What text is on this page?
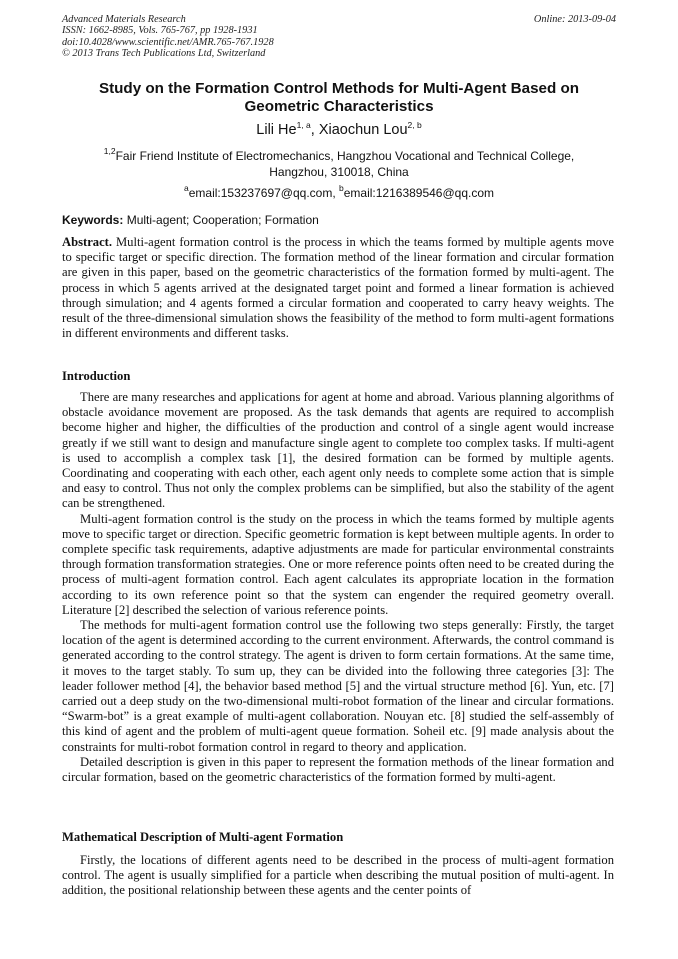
Advanced Materials Research
ISSN: 1662-8985, Vols. 765-767, pp 1928-1931
doi:10.4028/www.scientific.net/AMR.765-767.1928
© 2013 Trans Tech Publications Ltd, Switzerland
Online: 2013-09-04
Study on the Formation Control Methods for Multi-Agent Based on Geometric Characteristics
Lili He$^{1, a}$, Xiaochun Lou$^{2, b}$
$^{1,2}$Fair Friend Institute of Electromechanics, Hangzhou Vocational and Technical College, Hangzhou, 310018, China
$^a$email:153237697@qq.com, $^b$email:1216389546@qq.com
Keywords: Multi-agent; Cooperation; Formation

Abstract. Multi-agent formation control is the process in which the teams formed by multiple agents move to specific target or specific direction. The formation method of the linear formation and circular formation are given in this paper, based on the geometric characteristics of the formation formed by multi-agent. The process in which 5 agents arrived at the designated target point and formed a linear formation is achieved through simulation; and 4 agents formed a circular formation and cooperated to carry heavy weights. The result of the three-dimensional simulation shows the feasibility of the method to form multi-agent formations in different environments and different tasks.

Introduction

There are many researches and applications for agent at home and abroad. Various planning algorithms of obstacle avoidance movement are proposed. As the task demands that agents are required to accomplish become higher and higher, the difficulties of the production and control of a single agent would increase greatly if we still want to design and manufacture single agent to complete too complex tasks. If multi-agent is used to accomplish a complex task [1], the desired formation can be formed by multiple agents. Coordinating and cooperating with each other, each agent only needs to complete some action that is simple and easy to control. Thus not only the complex problems can be simplified, but also the stability of the agent can be strengthened.

Multi-agent formation control is the study on the process in which the teams formed by multiple agents move to specific target or direction. Specific geometric formation is kept between multiple agents. In order to complete specific task requirements, adaptive adjustments are made for particular environmental constraints through formation transformation strategies. One or more reference points often need to be created during the process of multi-agent formation control. Each agent calculates its appropriate location in the formation according to its own reference point so that the system can engender the required geometry overall. Literature [2] described the selection of various reference points.

The methods for multi-agent formation control use the following two steps generally: Firstly, the target location of the agent is determined according to the current environment. Afterwards, the control command is generated according to the control strategy. The agent is driven to form certain formations. At the same time, it moves to the target stably. To sum up, they can be divided into the following three categories [3]: The leader follower method [4], the behavior based method [5] and the virtual structure method [6]. Yun, etc. [7] carried out a deep study on the two-dimensional multi-robot formation of the linear and circular formations. “Swarm-bot” is a great example of multi-agent collaboration. Nouyan etc. [8] studied the self-assembly of this kind of agent and the problem of multi-agent queue formation. Soheil etc. [9] made analysis about the constraints for multi-robot formation control in regard to theory and application.

Detailed description is given in this paper to represent the formation methods of the linear formation and circular formation, based on the geometric characteristics of the formation formed by multi-agent.

Mathematical Description of Multi-agent Formation

Firstly, the locations of different agents need to be described in the process of multi-agent formation control. The agent is usually simplified for a particle when describing the mutual position of multi-agent. In addition, the positional relationship between these agents and the center points of
